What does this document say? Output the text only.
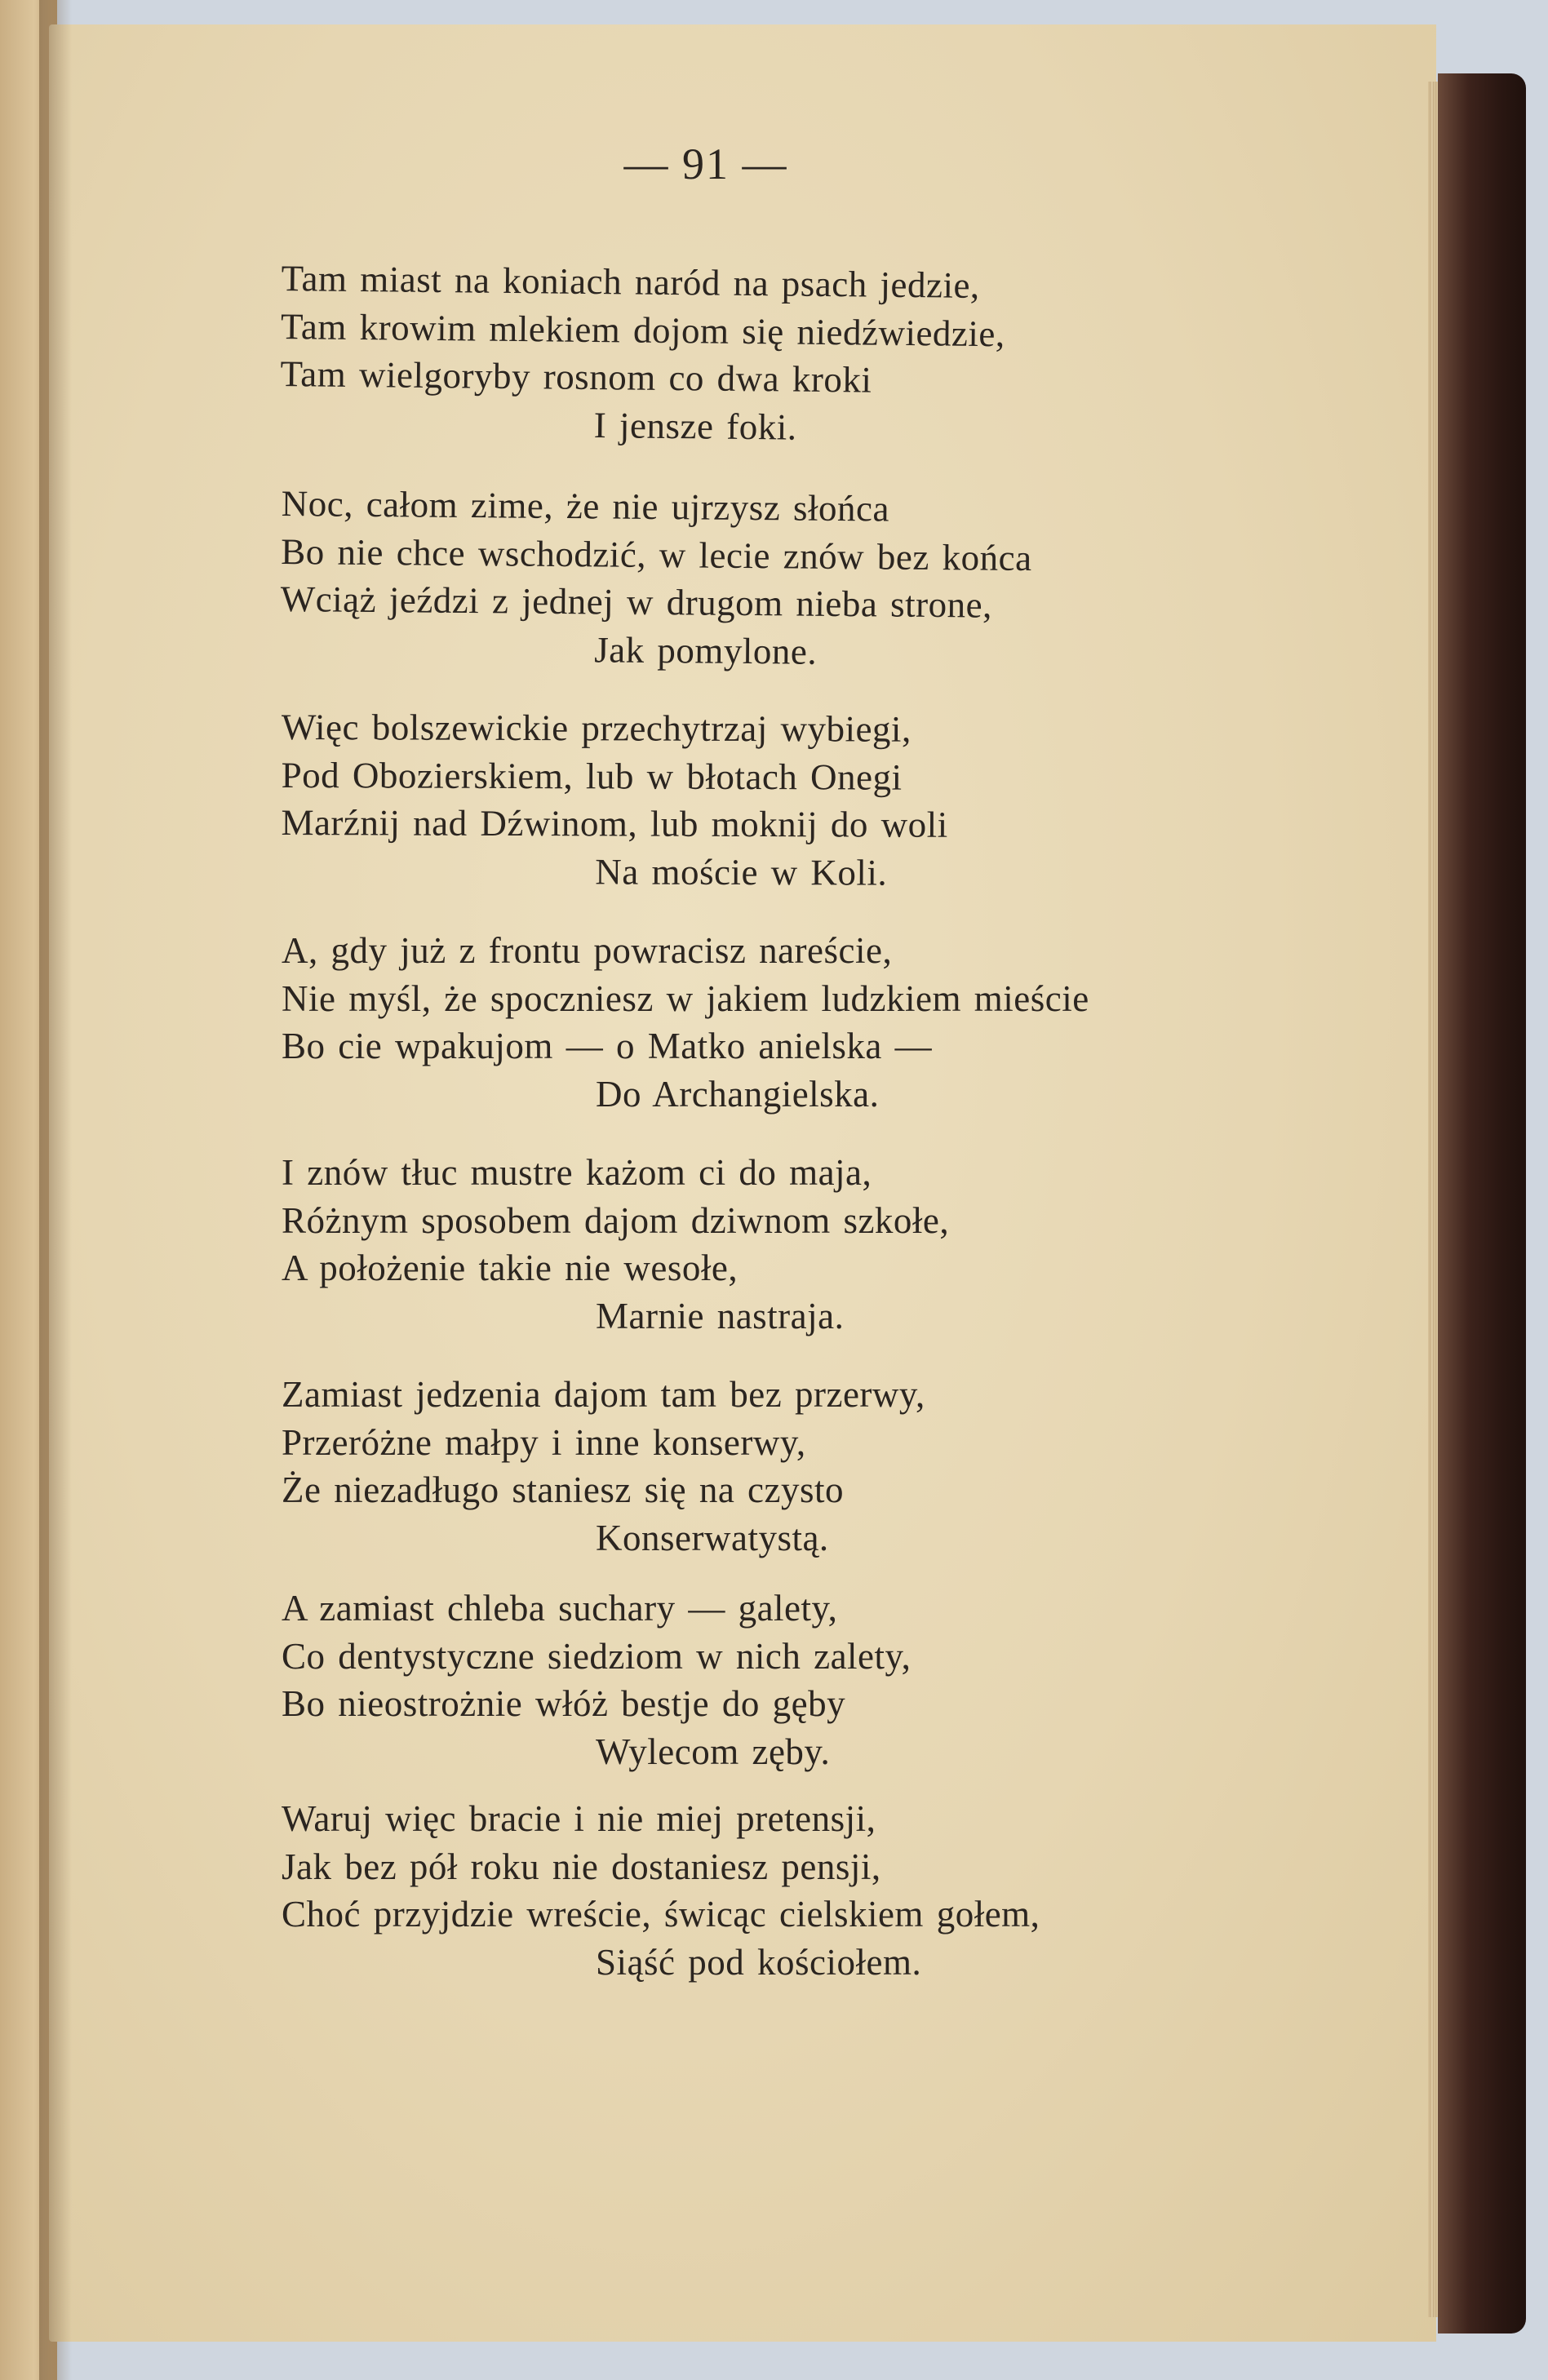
— 91 —
Tam miast na koniach naród na psach jedzie,
Tam krowim mlekiem dojom się niedźwiedzie,
Tam wielgoryby rosnom co dwa kroki
I jensze foki.
Noc, całom zime, że nie ujrzysz słońca
Bo nie chce wschodzić, w lecie znów bez końca
Wciąż jeździ z jednej w drugom nieba strone,
Jak pomylone.
Więc bolszewickie przechytrzaj wybiegi,
Pod Obozierskiem, lub w błotach Onegi
Marźnij nad Dźwinom, lub moknij do woli
Na moście w Koli.
A, gdy już z frontu powracisz nareście,
Nie myśl, że spoczniesz w jakiem ludzkiem mieście
Bo cie wpakujom — o Matko anielska —
Do Archangielska.
I znów tłuc mustre każom ci do maja,
Różnym sposobem dajom dziwnom szkołe,
A położenie takie nie wesołe,
Marnie nastraja.
Zamiast jedzenia dajom tam bez przerwy,
Przeróżne małpy i inne konserwy,
Że niezadługo staniesz się na czysto
Konserwatystą.
A zamiast chleba suchary — galety,
Co dentystyczne siedziom w nich zalety,
Bo nieostrożnie włóż bestje do gęby
Wylecom zęby.
Waruj więc bracie i nie miej pretensji,
Jak bez pół roku nie dostaniesz pensji,
Choć przyjdzie wreście, świcąc cielskiem gołem,
Siąść pod kościołem.
